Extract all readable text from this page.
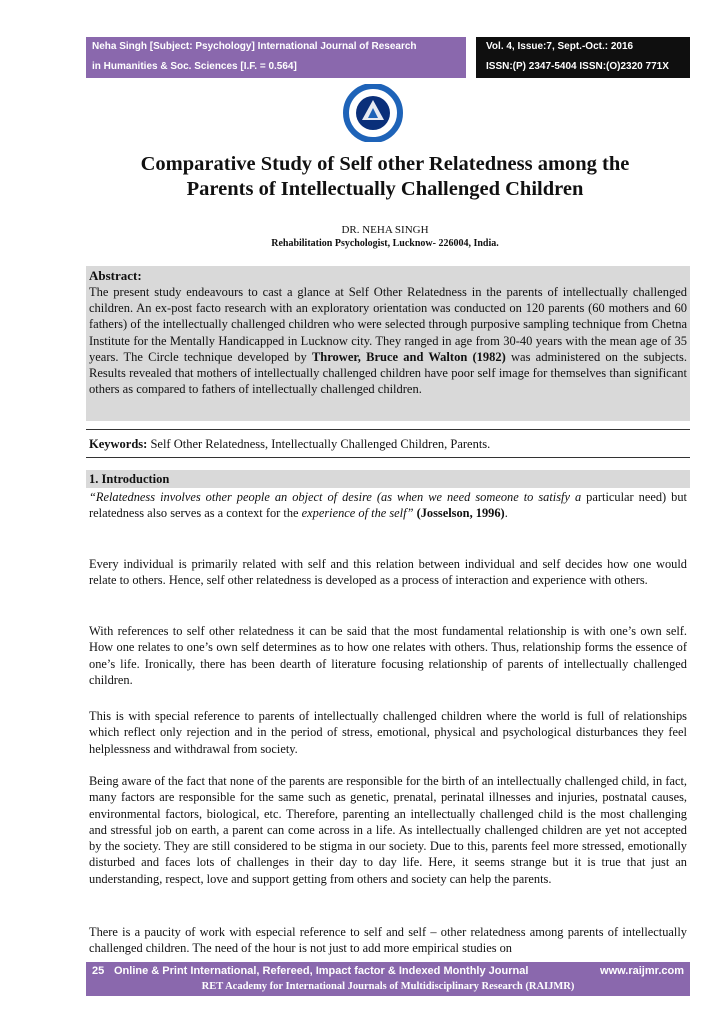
Neha Singh [Subject: Psychology] International Journal of Research
in Humanities & Soc. Sciences [I.F. = 0.564]
Vol. 4, Issue:7, Sept.-Oct.: 2016
ISSN:(P) 2347-5404 ISSN:(O)2320 771X
Comparative Study of Self other Relatedness among the
Parents of Intellectually Challenged Children
DR. NEHA SINGH
Rehabilitation Psychologist, Lucknow- 226004, India.
Abstract:
The present study endeavours to cast a glance at Self Other Relatedness in the parents of intellectually challenged children. An ex-post facto research with an exploratory orientation was conducted on 120 parents (60 mothers and 60 fathers) of the intellectually challenged children who were selected through purposive sampling technique from Chetna Institute for the Mentally Handicapped in Lucknow city. They ranged in age from 30-40 years with the mean age of 35 years. The Circle technique developed by Thrower, Bruce and Walton (1982) was administered on the subjects. Results revealed that mothers of intellectually challenged children have poor self image for themselves than significant others as compared to fathers of intellectually challenged children.
Keywords: Self Other Relatedness, Intellectually Challenged Children, Parents.
1. Introduction
“Relatedness involves other people an object of desire (as when we need someone to satisfy a particular need) but relatedness also serves as a context for the experience of the self” (Josselson, 1996).
Every individual is primarily related with self and this relation between individual and self decides how one would relate to others. Hence, self other relatedness is developed as a process of interaction and experience with others.
With references to self other relatedness it can be said that the most fundamental relationship is with one’s own self. How one relates to one’s own self determines as to how one relates with others. Thus, relationship forms the essence of one’s life. Ironically, there has been dearth of literature focusing relationship of parents of intellectually challenged children.
This is with special reference to parents of intellectually challenged children where the world is full of relationships which reflect only rejection and in the period of stress, emotional, physical and psychological disturbances they feel helplessness and withdrawal from society.
Being aware of the fact that none of the parents are responsible for the birth of an intellectually challenged child, in fact, many factors are responsible for the same such as genetic, prenatal, perinatal illnesses and injuries, postnatal causes, environmental factors, biological, etc. Therefore, parenting an intellectually challenged child is the most challenging and stressful job on earth, a parent can come across in a life. As intellectually challenged children are yet not accepted by the society. They are still considered to be stigma in our society. Due to this, parents feel more stressed, emotionally disturbed and faces lots of challenges in their day to day life. Here, it seems strange but it is true that just an understanding, respect, love and support getting from others and society can help the parents.
There is a paucity of work with especial reference to self and self – other relatedness among parents of intellectually challenged children. The need of the hour is not just to add more empirical studies on
25 Online & Print International, Refereed, Impact factor & Indexed Monthly Journal	www.raijmr.com
RET Academy for International Journals of Multidisciplinary Research (RAIJMR)
